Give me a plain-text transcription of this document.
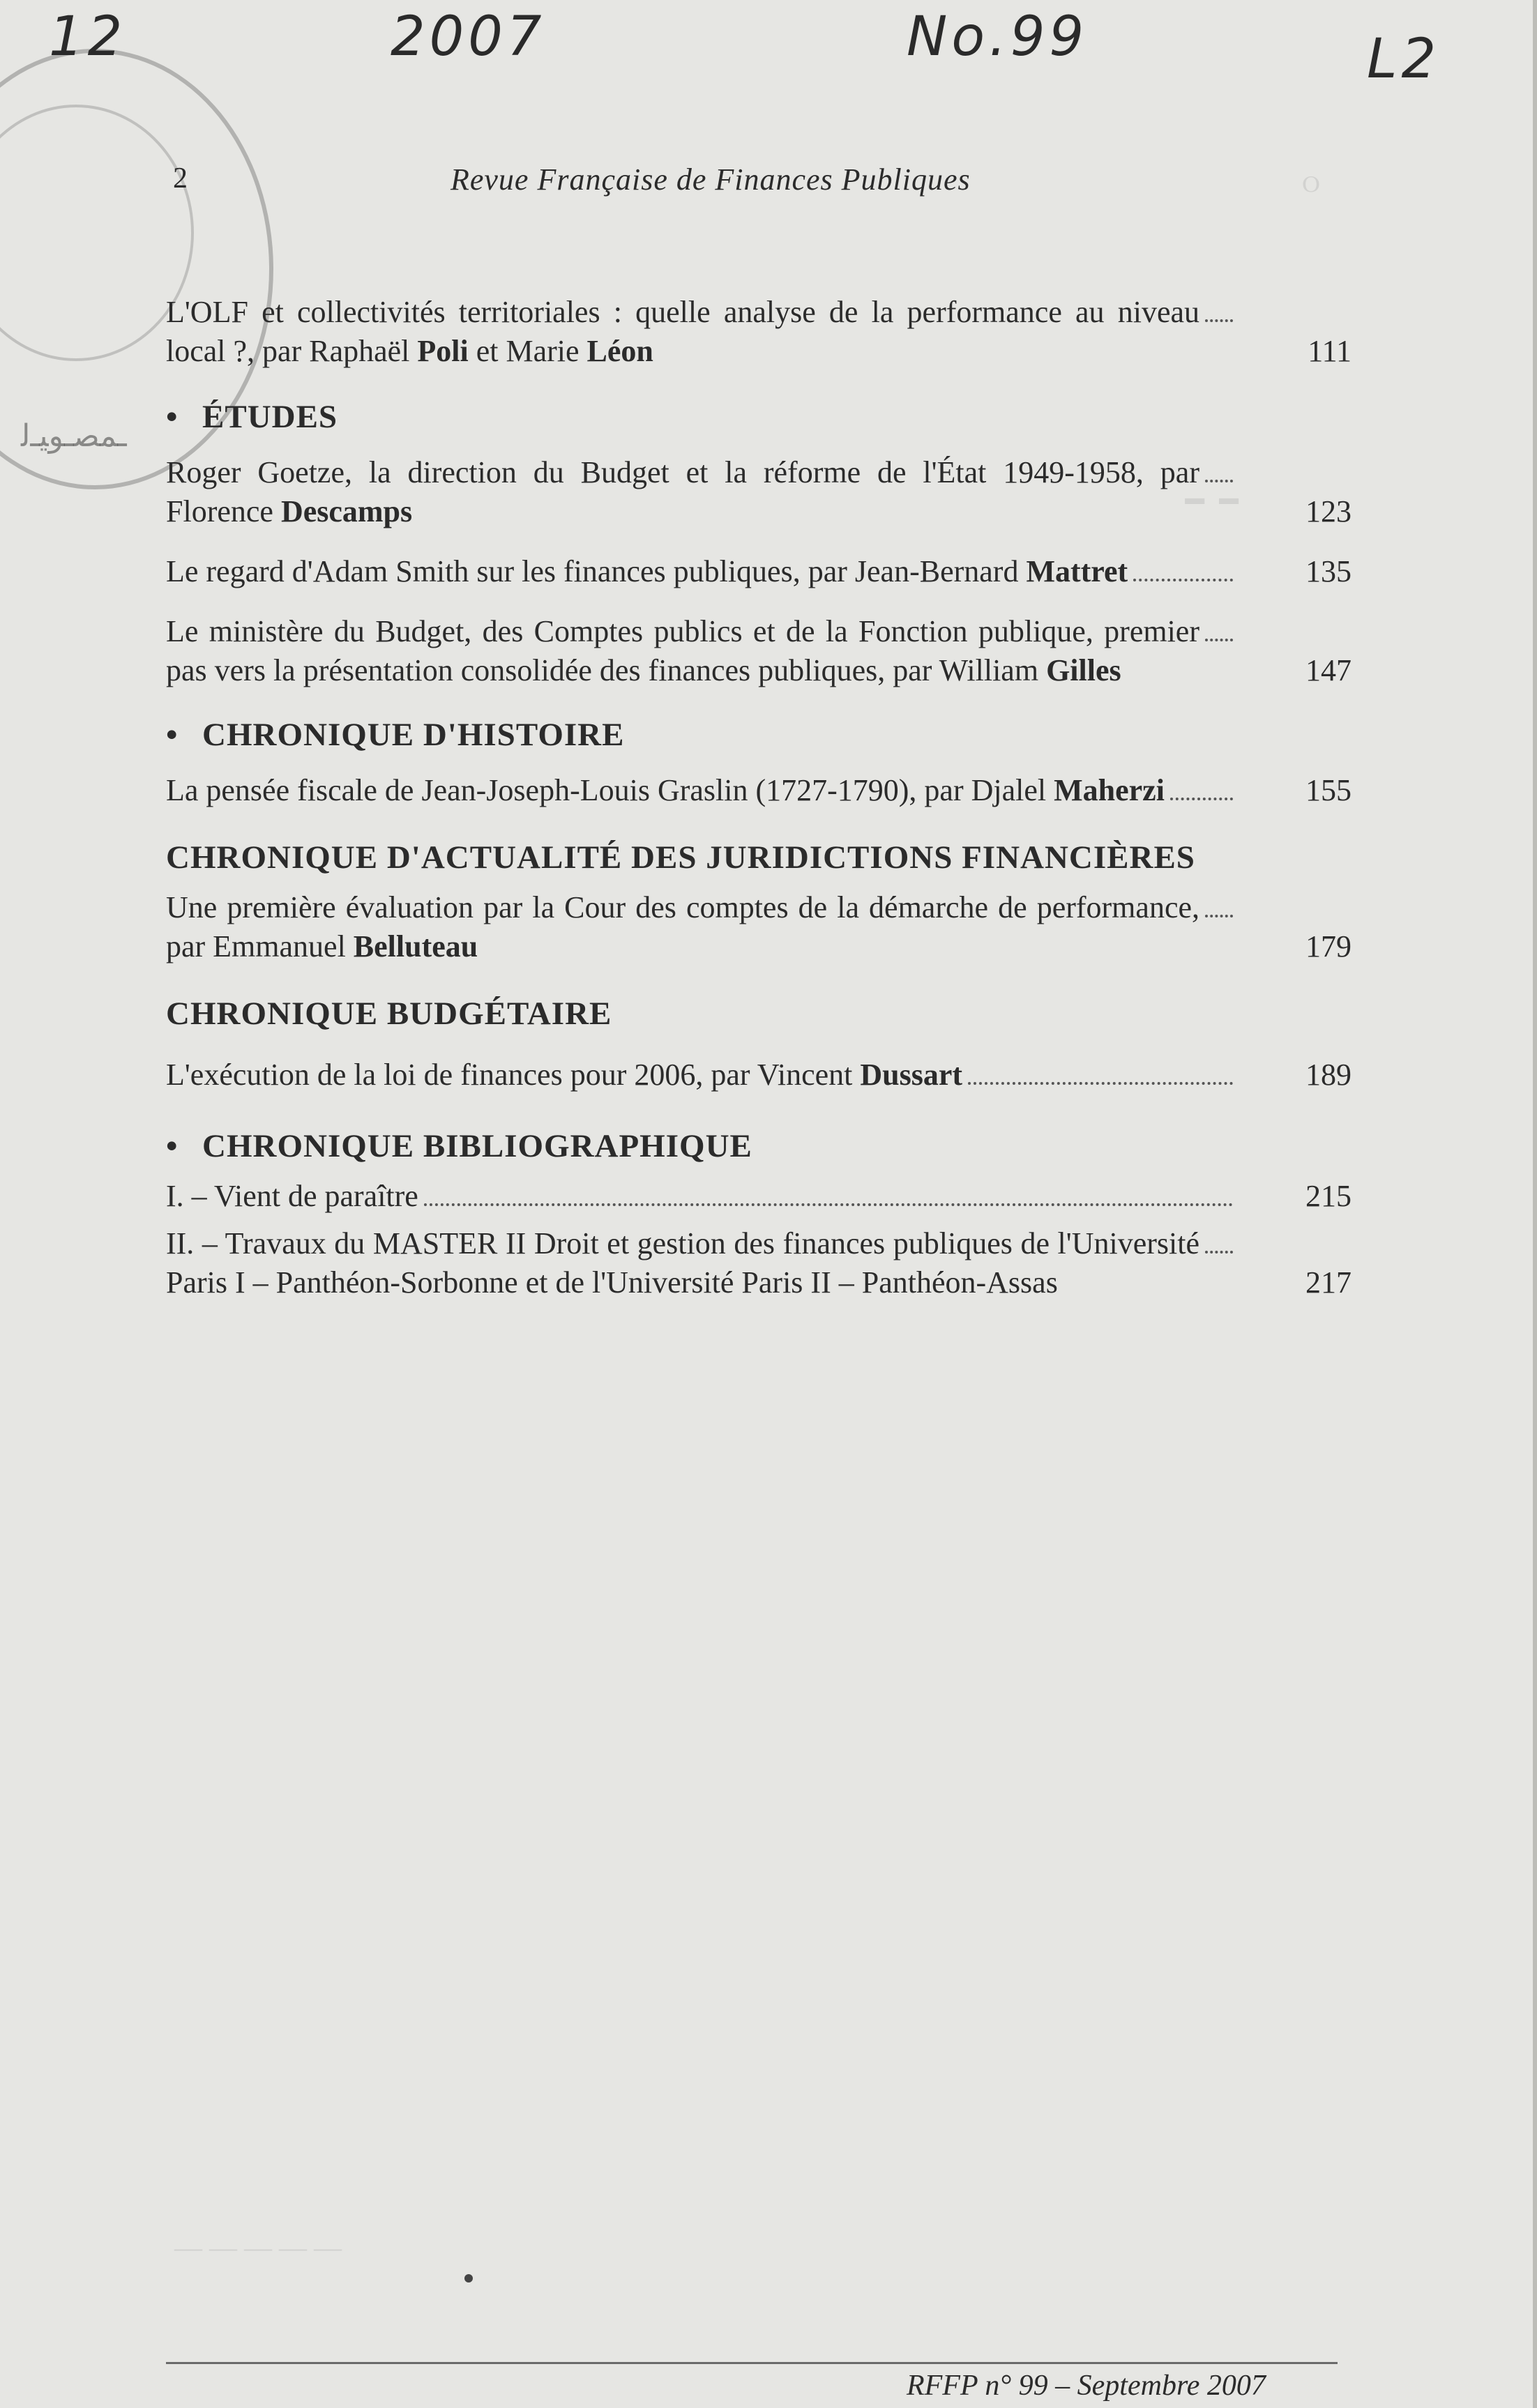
ـﻤﺼـﻮﻴـﻟ
ｏ
ـ ـ
— — — — —
12	2007	No.99	L2
2	Revue Française de Finances Publiques
L'OLF et collectivités territoriales : quelle analyse de la performance au niveau local ?, par Raphaël Poli et Marie Léon	111
• ÉTUDES
Roger Goetze, la direction du Budget et la réforme de l'État 1949-1958, par Florence Descamps	123
Le regard d'Adam Smith sur les finances publiques, par Jean-Bernard Mattret	135
Le ministère du Budget, des Comptes publics et de la Fonction publique, premier pas vers la présentation consolidée des finances publiques, par William Gilles	147
• CHRONIQUE D'HISTOIRE
La pensée fiscale de Jean-Joseph-Louis Graslin (1727-1790), par Djalel Maherzi	155
CHRONIQUE D'ACTUALITÉ DES JURIDICTIONS FINANCIÈRES
Une première évaluation par la Cour des comptes de la démarche de performance, par Emmanuel Belluteau	179
CHRONIQUE BUDGÉTAIRE
L'exécution de la loi de finances pour 2006, par Vincent Dussart	189
• CHRONIQUE BIBLIOGRAPHIQUE
I. – Vient de paraître	215
II. – Travaux du MASTER II Droit et gestion des finances publiques de l'Université Paris I – Panthéon-Sorbonne et de l'Université Paris II – Panthéon-Assas	217
RFFP n° 99 – Septembre 2007
